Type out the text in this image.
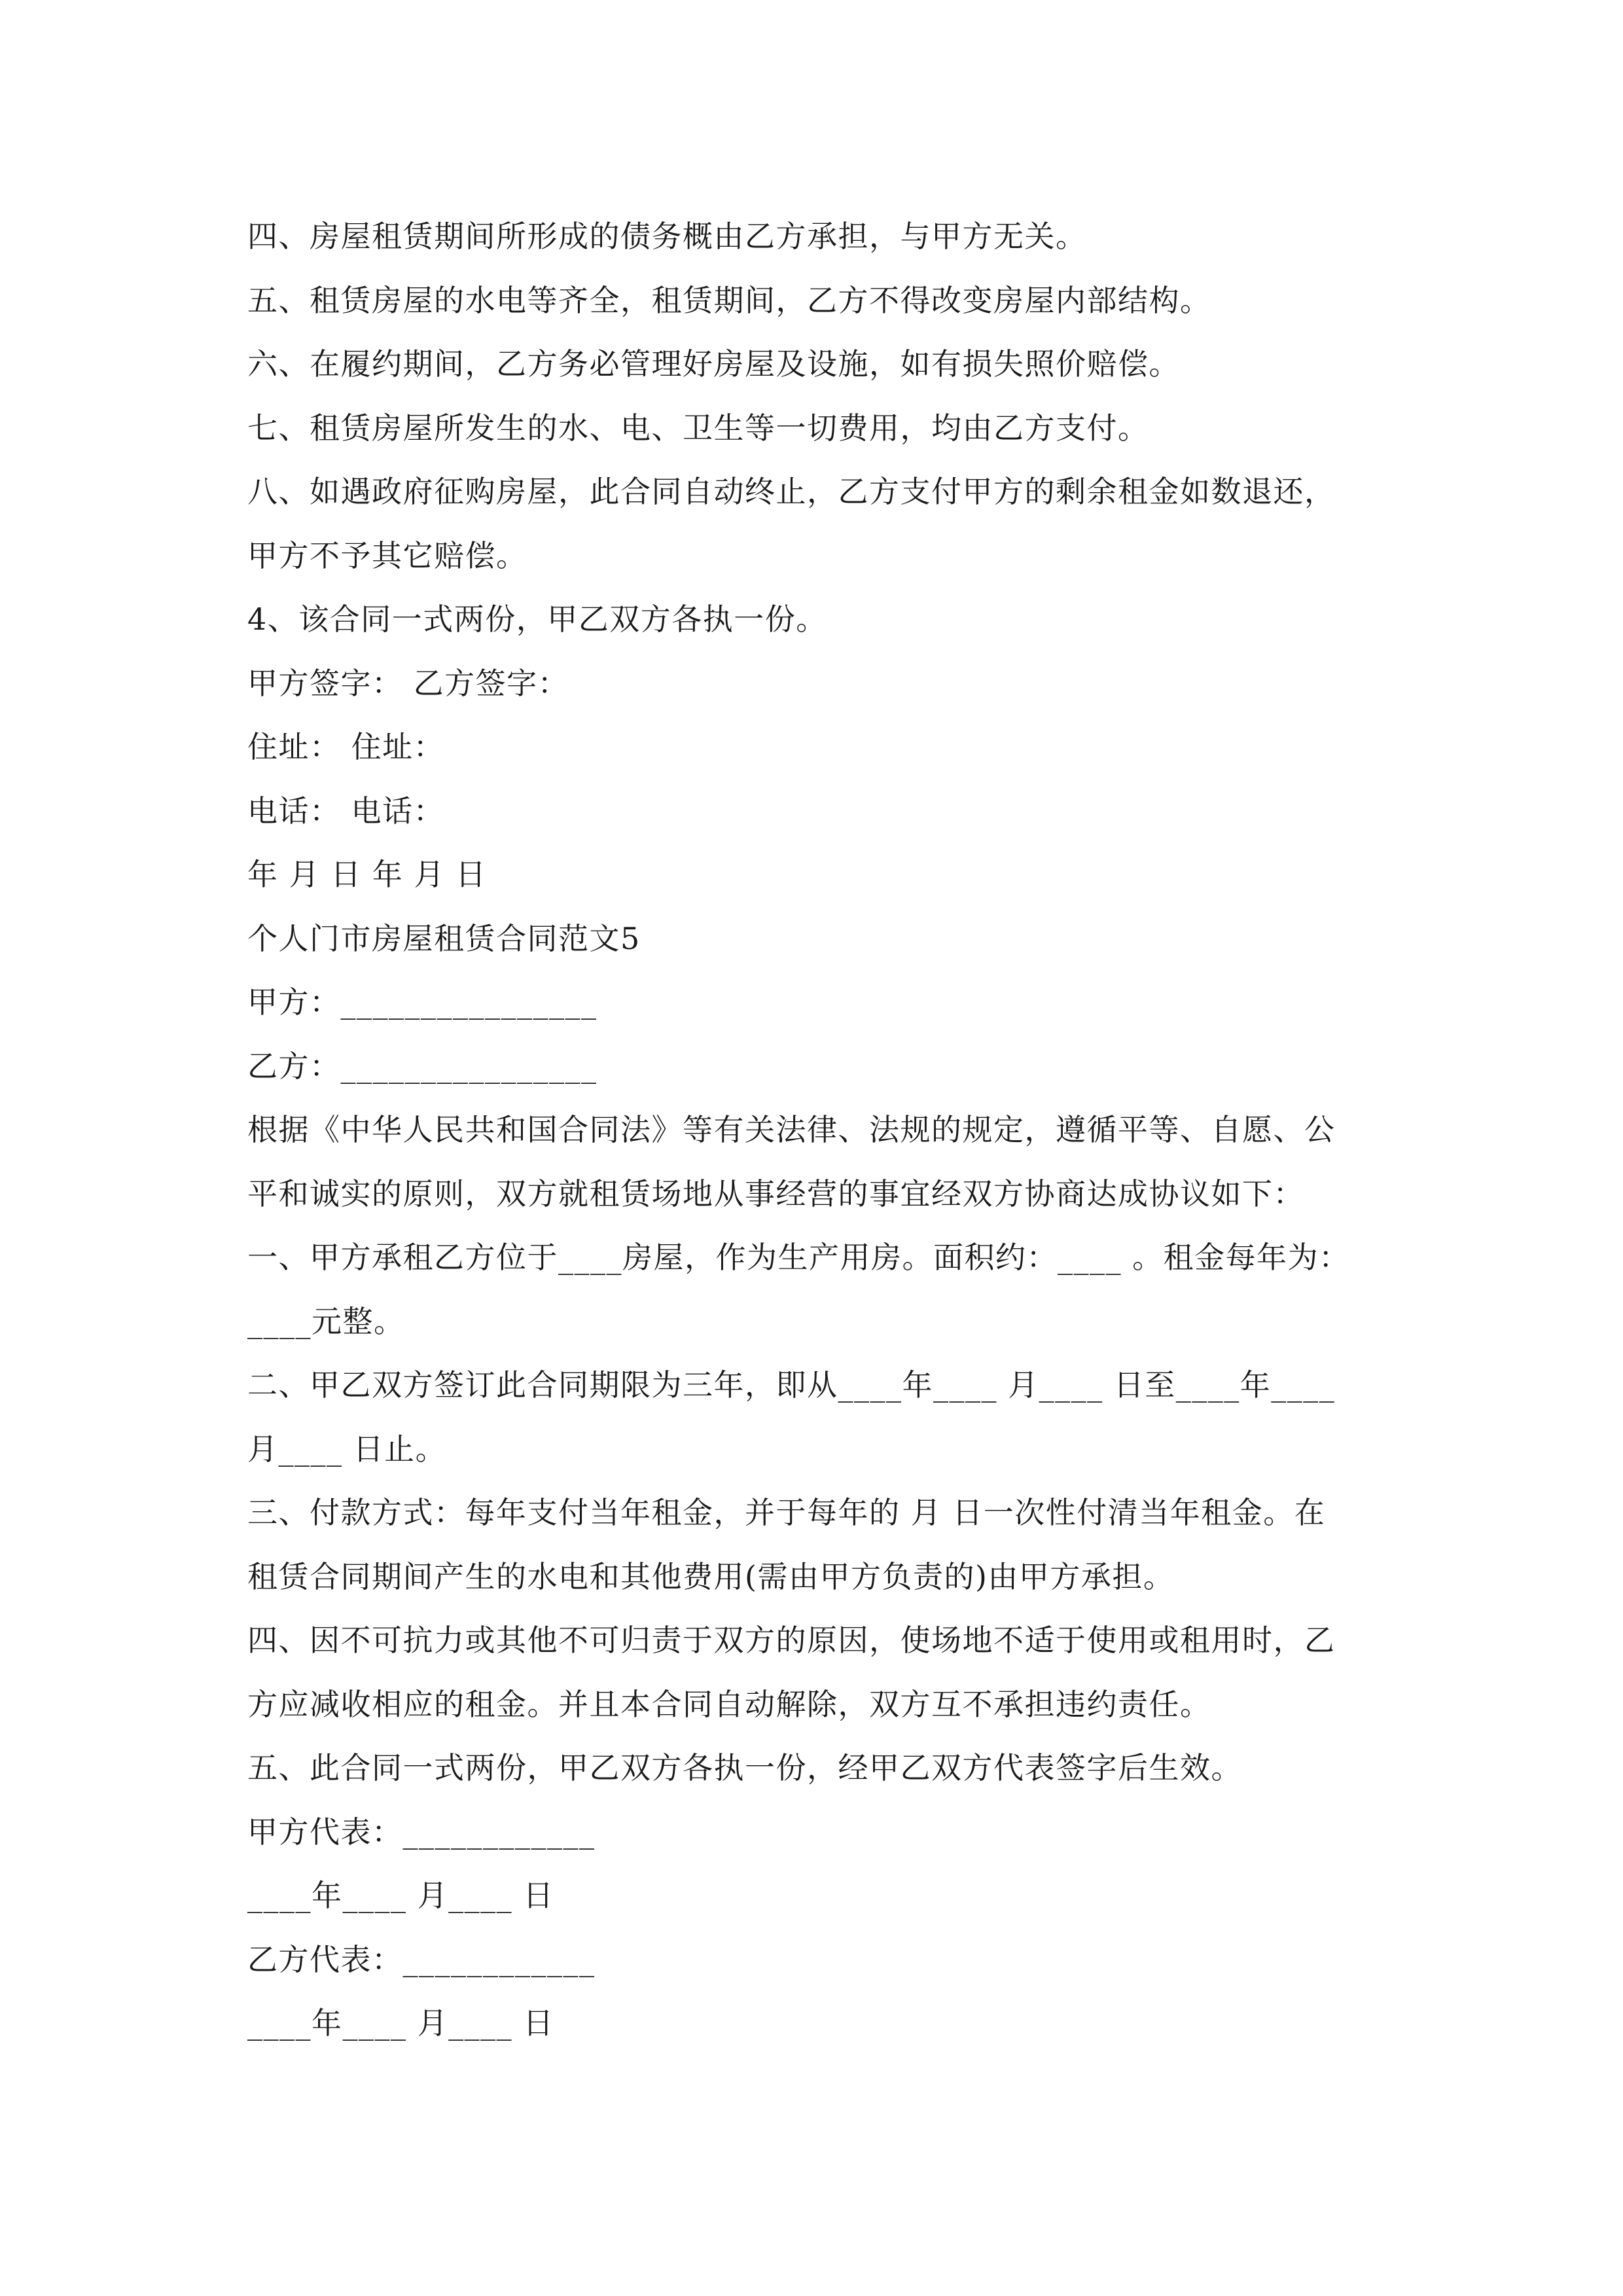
四、房屋租赁期间所形成的债务概由乙方承担，与甲方无关。
五、租赁房屋的水电等齐全，租赁期间，乙方不得改变房屋内部结构。
六、在履约期间，乙方务必管理好房屋及设施，如有损失照价赔偿。
七、租赁房屋所发生的水、电、卫生等一切费用，均由乙方支付。
八、如遇政府征购房屋，此合同自动终止，乙方支付甲方的剩余租金如数退还，
甲方不予其它赔偿。
4、该合同一式两份，甲乙双方各执一份。
甲方签字： 乙方签字：
住址： 住址：
电话： 电话：
年 月 日 年 月 日
个人门市房屋租赁合同范文5
甲方：________________
乙方：________________
根据《中华人民共和国合同法》等有关法律、法规的规定，遵循平等、自愿、公
平和诚实的原则，双方就租赁场地从事经营的事宜经双方协商达成协议如下：
一、甲方承租乙方位于____房屋，作为生产用房。面积约：____ 。租金每年为：
____元整。
二、甲乙双方签订此合同期限为三年，即从____年____ 月____ 日至____年____
月____ 日止。
三、付款方式：每年支付当年租金，并于每年的 月 日一次性付清当年租金。在
租赁合同期间产生的水电和其他费用(需由甲方负责的)由甲方承担。
四、因不可抗力或其他不可归责于双方的原因，使场地不适于使用或租用时，乙
方应减收相应的租金。并且本合同自动解除，双方互不承担违约责任。
五、此合同一式两份，甲乙双方各执一份，经甲乙双方代表签字后生效。
甲方代表：____________
____年____ 月____ 日
乙方代表：____________
____年____ 月____ 日
